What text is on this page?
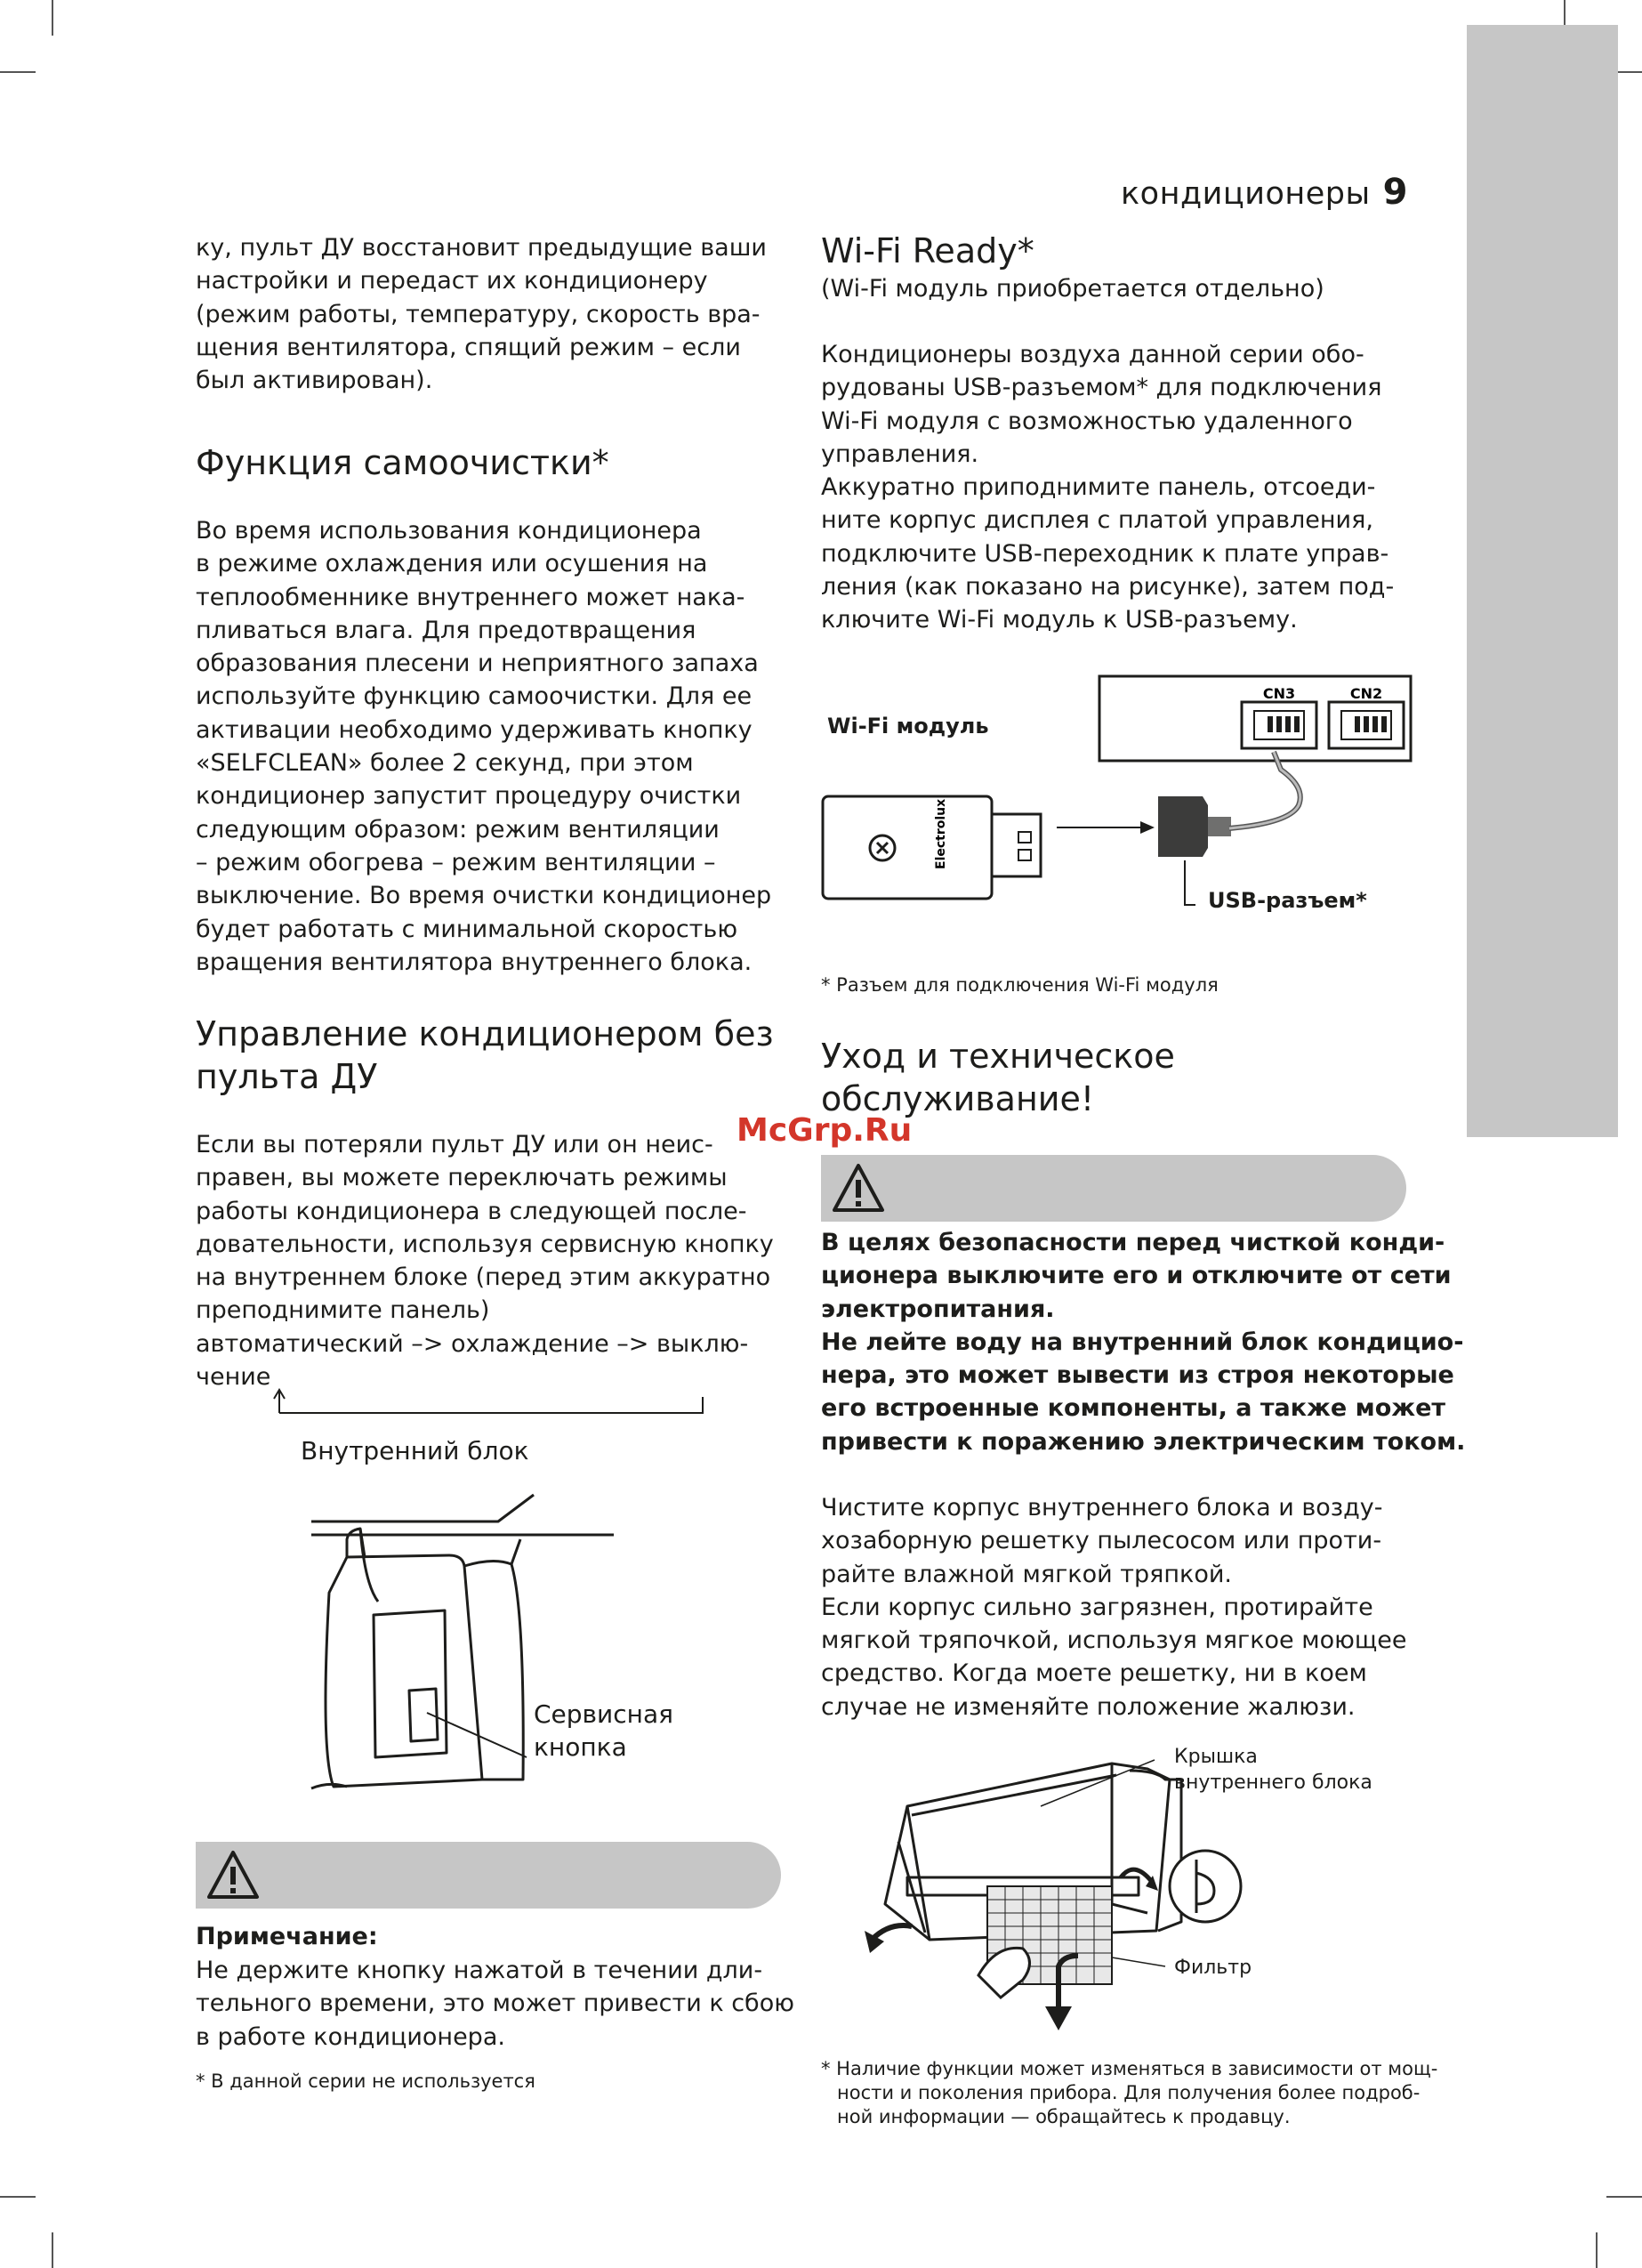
кондиционеры 9
ку, пульт ДУ восстановит предыдущие ваши
настройки и передаст их кондиционеру
(режим работы, температуру, скорость вра-
щения вентилятора, спящий режим – если
был активирован).
Функция самоочистки*
Во время использования кондиционера
в режиме охлаждения или осушения на
теплообменнике внутреннего может нака-
пливаться влага. Для предотвращения
образования плесени и неприятного запаха
используйте функцию самоочистки. Для ее
активации необходимо удерживать кнопку
«SELFCLEAN» более 2 секунд, при этом
кондиционер запустит процедуру очистки
следующим образом: режим вентиляции
– режим обогрева – режим вентиляции –
выключение. Во время очистки кондиционер
будет работать с минимальной скоростью
вращения вентилятора внутреннего блока.
Управление кондиционером без
пульта ДУ
Если вы потеряли пульт ДУ или он неис-
правен, вы можете переключать режимы
работы кондиционера в следующей после-
довательности, используя сервисную кнопку
на внутреннем блоке (перед этим аккуратно
преподнимите панель)
автоматический –> оxлаждение –> выклю-
чение
Внутренний блок
Сервисная
кнопка
Примечание:
Не держите кнопку нажатой в течении дли-
тельного времени, это может привести к сбою
в работе кондиционера.
* В данной серии не используется
Wi-Fi Ready*
(Wi-Fi модуль приобретается отдельно)
Кондиционеры воздуха данной серии обо-
рудованы USB-разъемом* для подключения
Wi-Fi модуля с возможностью удаленного
управления.
Аккуратно приподнимите панель, отсоеди-
ните корпус дисплея с платой управления,
подключите USB-переходник к плате управ-
ления (как показано на рисунке), затем под-
ключите Wi-Fi модуль к USB-разъему.
CN3	CN2
Electrolux
Wi-Fi модуль
USB-разъем*
* Разъем для подключения Wi-Fi модуля
Уход и техническое
обслуживание!
McGrp.Ru
В целях безопасности перед чисткой конди-
ционера выключите его и отключите от сети
электропитания.
Не лейте воду на внутренний блок кондицио-
нера, это может вывести из строя некоторые
его встроенные компоненты, а также может
привести к поражению электрическим током.
Чистите корпус внутреннего блока и возду-
хозаборную решетку пылесосом или проти-
райте влажной мягкой тряпкой.
Если корпус сильно загрязнен, протирайте
мягкой тряпочкой, используя мягкое моющее
средство. Когда моете решетку, ни в коем
случае не изменяйте положение жалюзи.
Крышка
внутреннего блока
Фильтр
* Наличие функции может изменяться в зависимости от мощ-
ности и поколения прибора. Для получения более подроб-
ной информации — обращайтесь к продавцу.
